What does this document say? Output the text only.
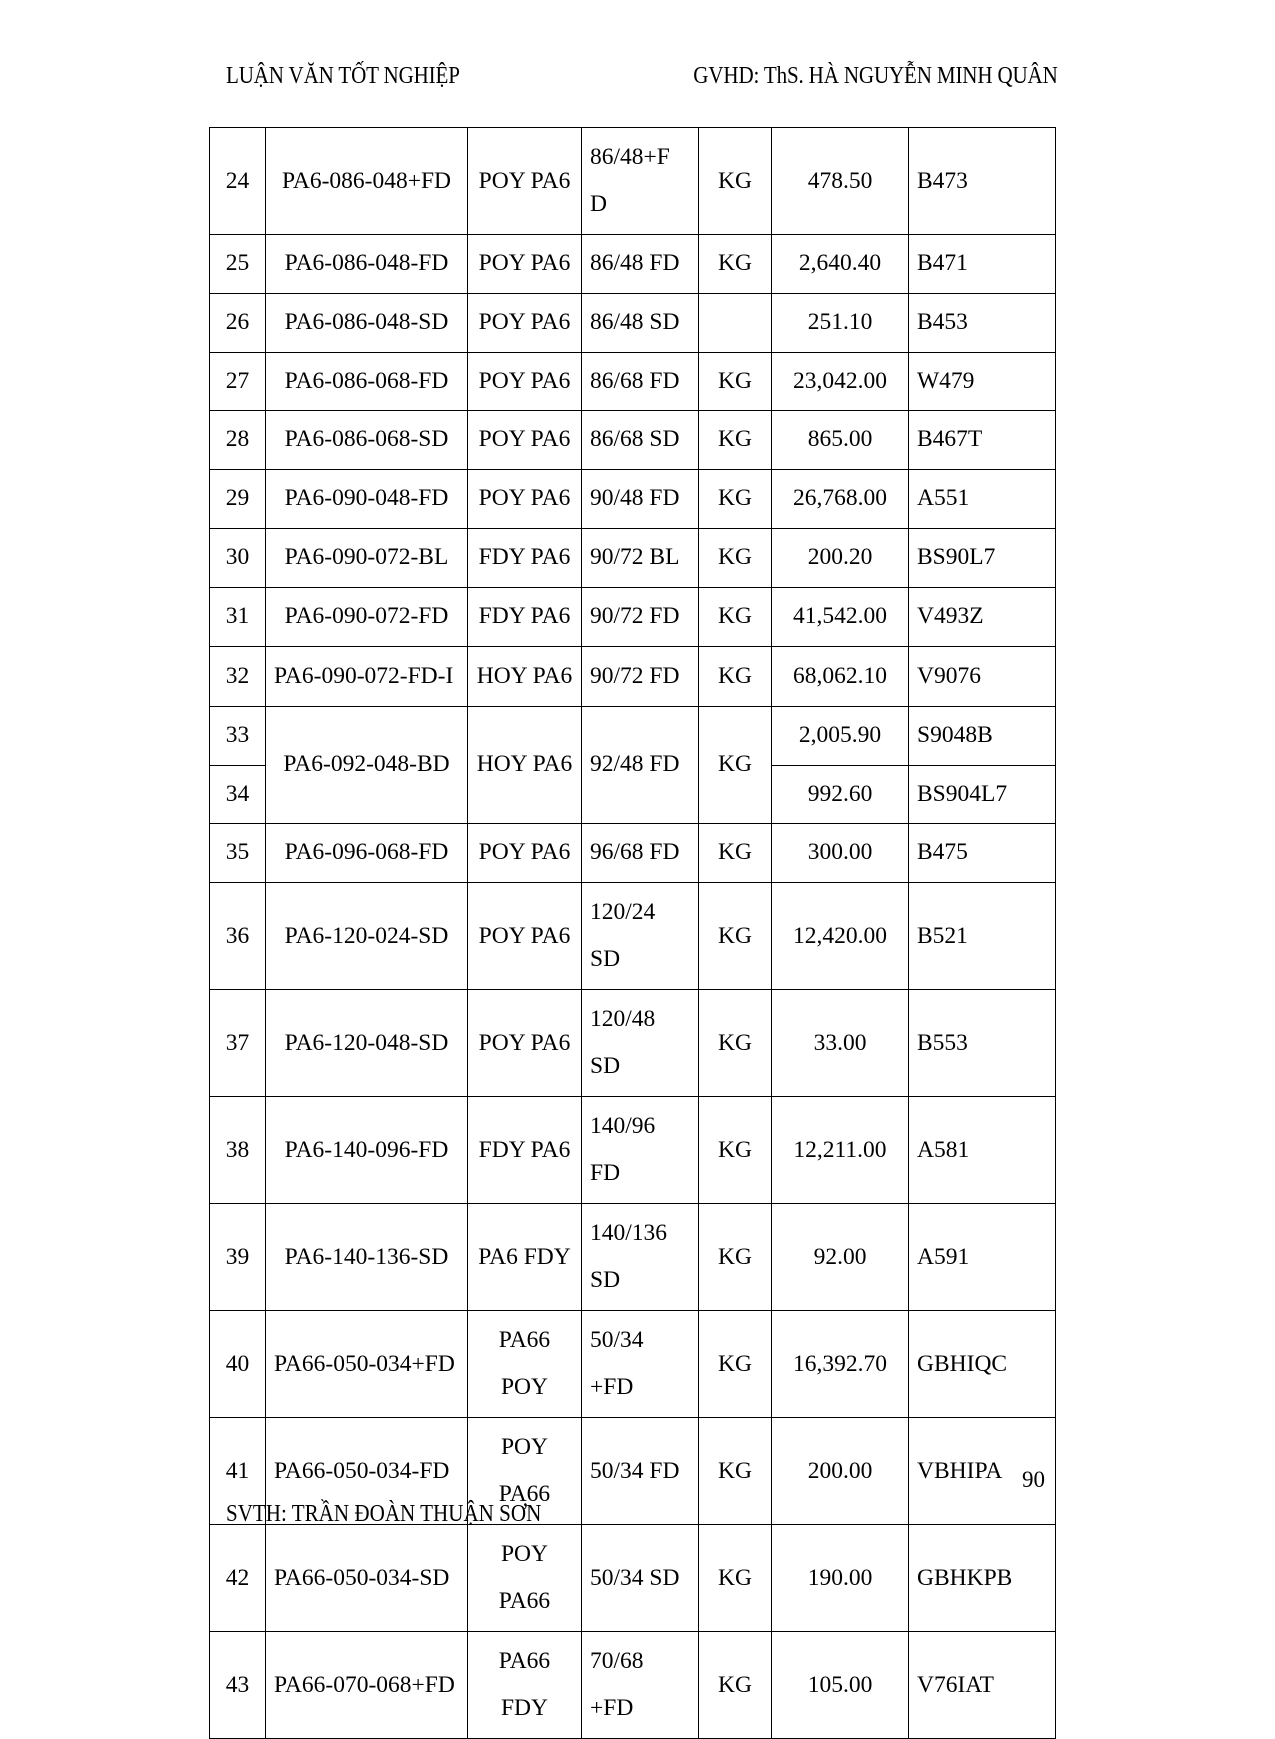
LUẬN VĂN TỐT NGHIỆP	GVHD: ThS. HÀ NGUYỄN MINH QUÂN
24	PA6-086-048+FD	POY PA6	86/48+F D	KG	478.50	B473
25	PA6-086-048-FD	POY PA6	86/48 FD	KG	2,640.40	B471
26	PA6-086-048-SD	POY PA6	86/48 SD		251.10	B453
27	PA6-086-068-FD	POY PA6	86/68 FD	KG	23,042.00	W479
28	PA6-086-068-SD	POY PA6	86/68 SD	KG	865.00	B467T
29	PA6-090-048-FD	POY PA6	90/48 FD	KG	26,768.00	A551
30	PA6-090-072-BL	FDY PA6	90/72 BL	KG	200.20	BS90L7
31	PA6-090-072-FD	FDY PA6	90/72 FD	KG	41,542.00	V493Z
32	PA6-090-072-FD-I	HOY PA6	90/72 FD	KG	68,062.10	V9076
33	PA6-092-048-BD	HOY PA6	92/48 FD	KG	2,005.90	S9048B
34					992.60	BS904L7
35	PA6-096-068-FD	POY PA6	96/68 FD	KG	300.00	B475
36	PA6-120-024-SD	POY PA6	120/24 SD	KG	12,420.00	B521
37	PA6-120-048-SD	POY PA6	120/48 SD	KG	33.00	B553
38	PA6-140-096-FD	FDY PA6	140/96 FD	KG	12,211.00	A581
39	PA6-140-136-SD	PA6 FDY	140/136 SD	KG	92.00	A591
40	PA66-050-034+FD	PA66 POY	50/34 +FD	KG	16,392.70	GBHIQC
41	PA66-050-034-FD	POY PA66	50/34 FD	KG	200.00	VBHIPA
42	PA66-050-034-SD	POY PA66	50/34 SD	KG	190.00	GBHKPB
43	PA66-070-068+FD	PA66 FDY	70/68 +FD	KG	105.00	V76IAT
90
SVTH: TRẦN ĐOÀN THUẬN SƠN
